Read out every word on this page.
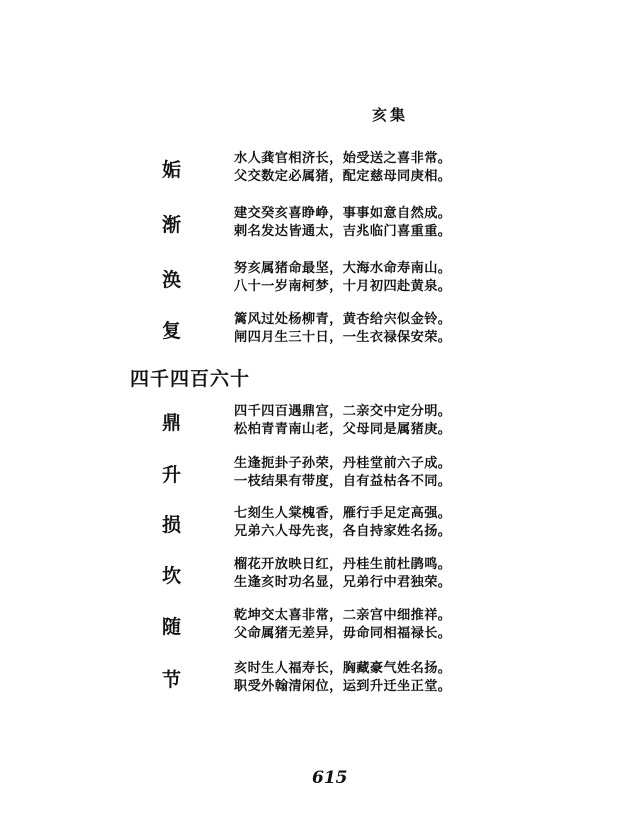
亥集
姤
水人龚官相济长，始受送之喜非常。
父交数定必属猪，配定慈母同庚相。
渐
建交癸亥喜睁峥，事事如意自然成。
剌名发达皆通太，吉兆临门喜重重。
涣
努亥属猪命最坚，大海水命寿南山。
八十一岁南柯梦，十月初四赴黄泉。
复
篱风过处杨柳青，黄杏给宍似金铃。
闸四月生三十日，一生衣禄保安荣。
四千四百六十
鼎
四千四百遇鼎宫，二亲交中定分明。
松柏青青南山老，父母同是属猪庚。
升
生逢扼卦子孙荣，丹桂堂前六子成。
一枝结果有带度，自有益枯各不同。
损
七刻生人棠槐香，雁行手足定高强。
兄弟六人母先丧，各自持家姓名扬。
坎
榴花开放映日红，丹桂生前杜鹃鸣。
生逢亥时功名显，兄弟行中君独荣。
随
乾坤交太喜非常，二亲宫中细推祥。
父命属猪无差异，毋命同相福禄长。
节
亥时生人福寿长，胸藏豪气姓名扬。
职受外翰清闲位，运到升迁坐正堂。
615
